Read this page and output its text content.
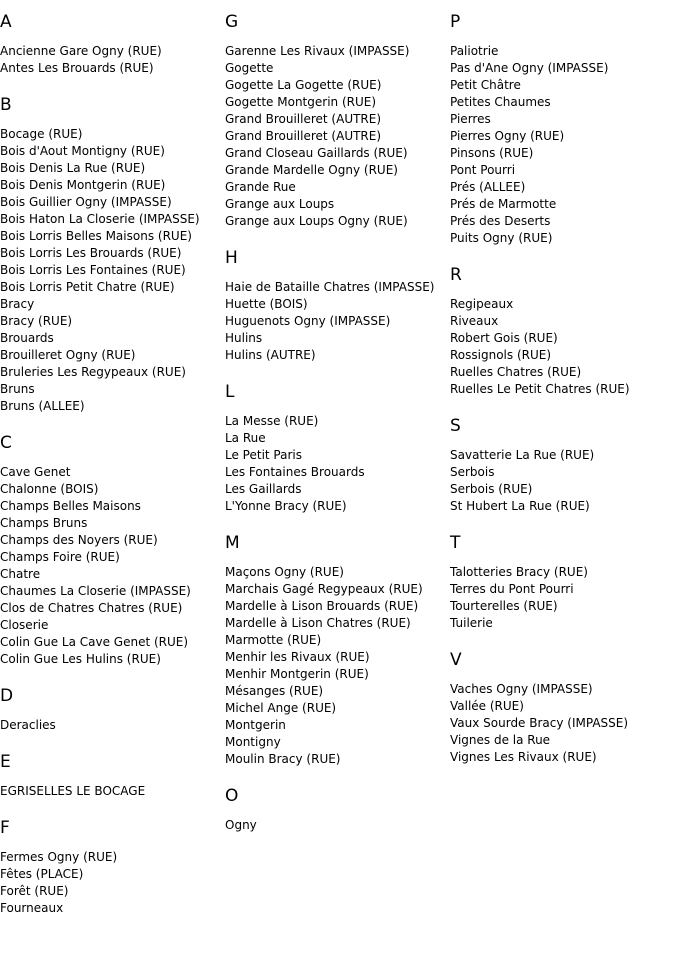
A
Ancienne Gare Ogny (RUE)
Antes Les Brouards (RUE)
B
Bocage (RUE)
Bois d'Aout Montigny (RUE)
Bois Denis La Rue (RUE)
Bois Denis Montgerin (RUE)
Bois Guillier Ogny (IMPASSE)
Bois Haton La Closerie (IMPASSE)
Bois Lorris Belles Maisons (RUE)
Bois Lorris Les Brouards (RUE)
Bois Lorris Les Fontaines (RUE)
Bois Lorris Petit Chatre (RUE)
Bracy
Bracy (RUE)
Brouards
Brouilleret Ogny (RUE)
Bruleries Les Regypeaux (RUE)
Bruns
Bruns (ALLEE)
C
Cave Genet
Chalonne (BOIS)
Champs Belles Maisons
Champs Bruns
Champs des Noyers (RUE)
Champs Foire (RUE)
Chatre
Chaumes La Closerie (IMPASSE)
Clos de Chatres Chatres (RUE)
Closerie
Colin Gue La Cave Genet (RUE)
Colin Gue Les Hulins (RUE)
D
Deraclies
E
EGRISELLES LE BOCAGE
F
Fermes Ogny (RUE)
Fêtes (PLACE)
Forêt (RUE)
Fourneaux
G
Garenne Les Rivaux (IMPASSE)
Gogette
Gogette La Gogette (RUE)
Gogette Montgerin (RUE)
Grand Brouilleret (AUTRE)
Grand Brouilleret (AUTRE)
Grand Closeau Gaillards (RUE)
Grande Mardelle Ogny (RUE)
Grande Rue
Grange aux Loups
Grange aux Loups Ogny (RUE)
H
Haie de Bataille Chatres (IMPASSE)
Huette (BOIS)
Huguenots Ogny (IMPASSE)
Hulins
Hulins (AUTRE)
L
La Messe (RUE)
La Rue
Le Petit Paris
Les Fontaines Brouards
Les Gaillards
L'Yonne Bracy (RUE)
M
Maçons Ogny (RUE)
Marchais Gagé Regypeaux (RUE)
Mardelle à Lison Brouards (RUE)
Mardelle à Lison Chatres (RUE)
Marmotte (RUE)
Menhir les Rivaux (RUE)
Menhir Montgerin (RUE)
Mésanges (RUE)
Michel Ange (RUE)
Montgerin
Montigny
Moulin Bracy (RUE)
O
Ogny
P
Paliotrie
Pas d'Ane Ogny (IMPASSE)
Petit Châtre
Petites Chaumes
Pierres
Pierres Ogny (RUE)
Pinsons (RUE)
Pont Pourri
Prés (ALLEE)
Prés de Marmotte
Prés des Deserts
Puits Ogny (RUE)
R
Regipeaux
Riveaux
Robert Gois (RUE)
Rossignols (RUE)
Ruelles Chatres (RUE)
Ruelles Le Petit Chatres (RUE)
S
Savatterie La Rue (RUE)
Serbois
Serbois (RUE)
St Hubert La Rue (RUE)
T
Talotteries Bracy (RUE)
Terres du Pont Pourri
Tourterelles (RUE)
Tuilerie
V
Vaches Ogny (IMPASSE)
Vallée (RUE)
Vaux Sourde Bracy (IMPASSE)
Vignes de la Rue
Vignes Les Rivaux (RUE)
